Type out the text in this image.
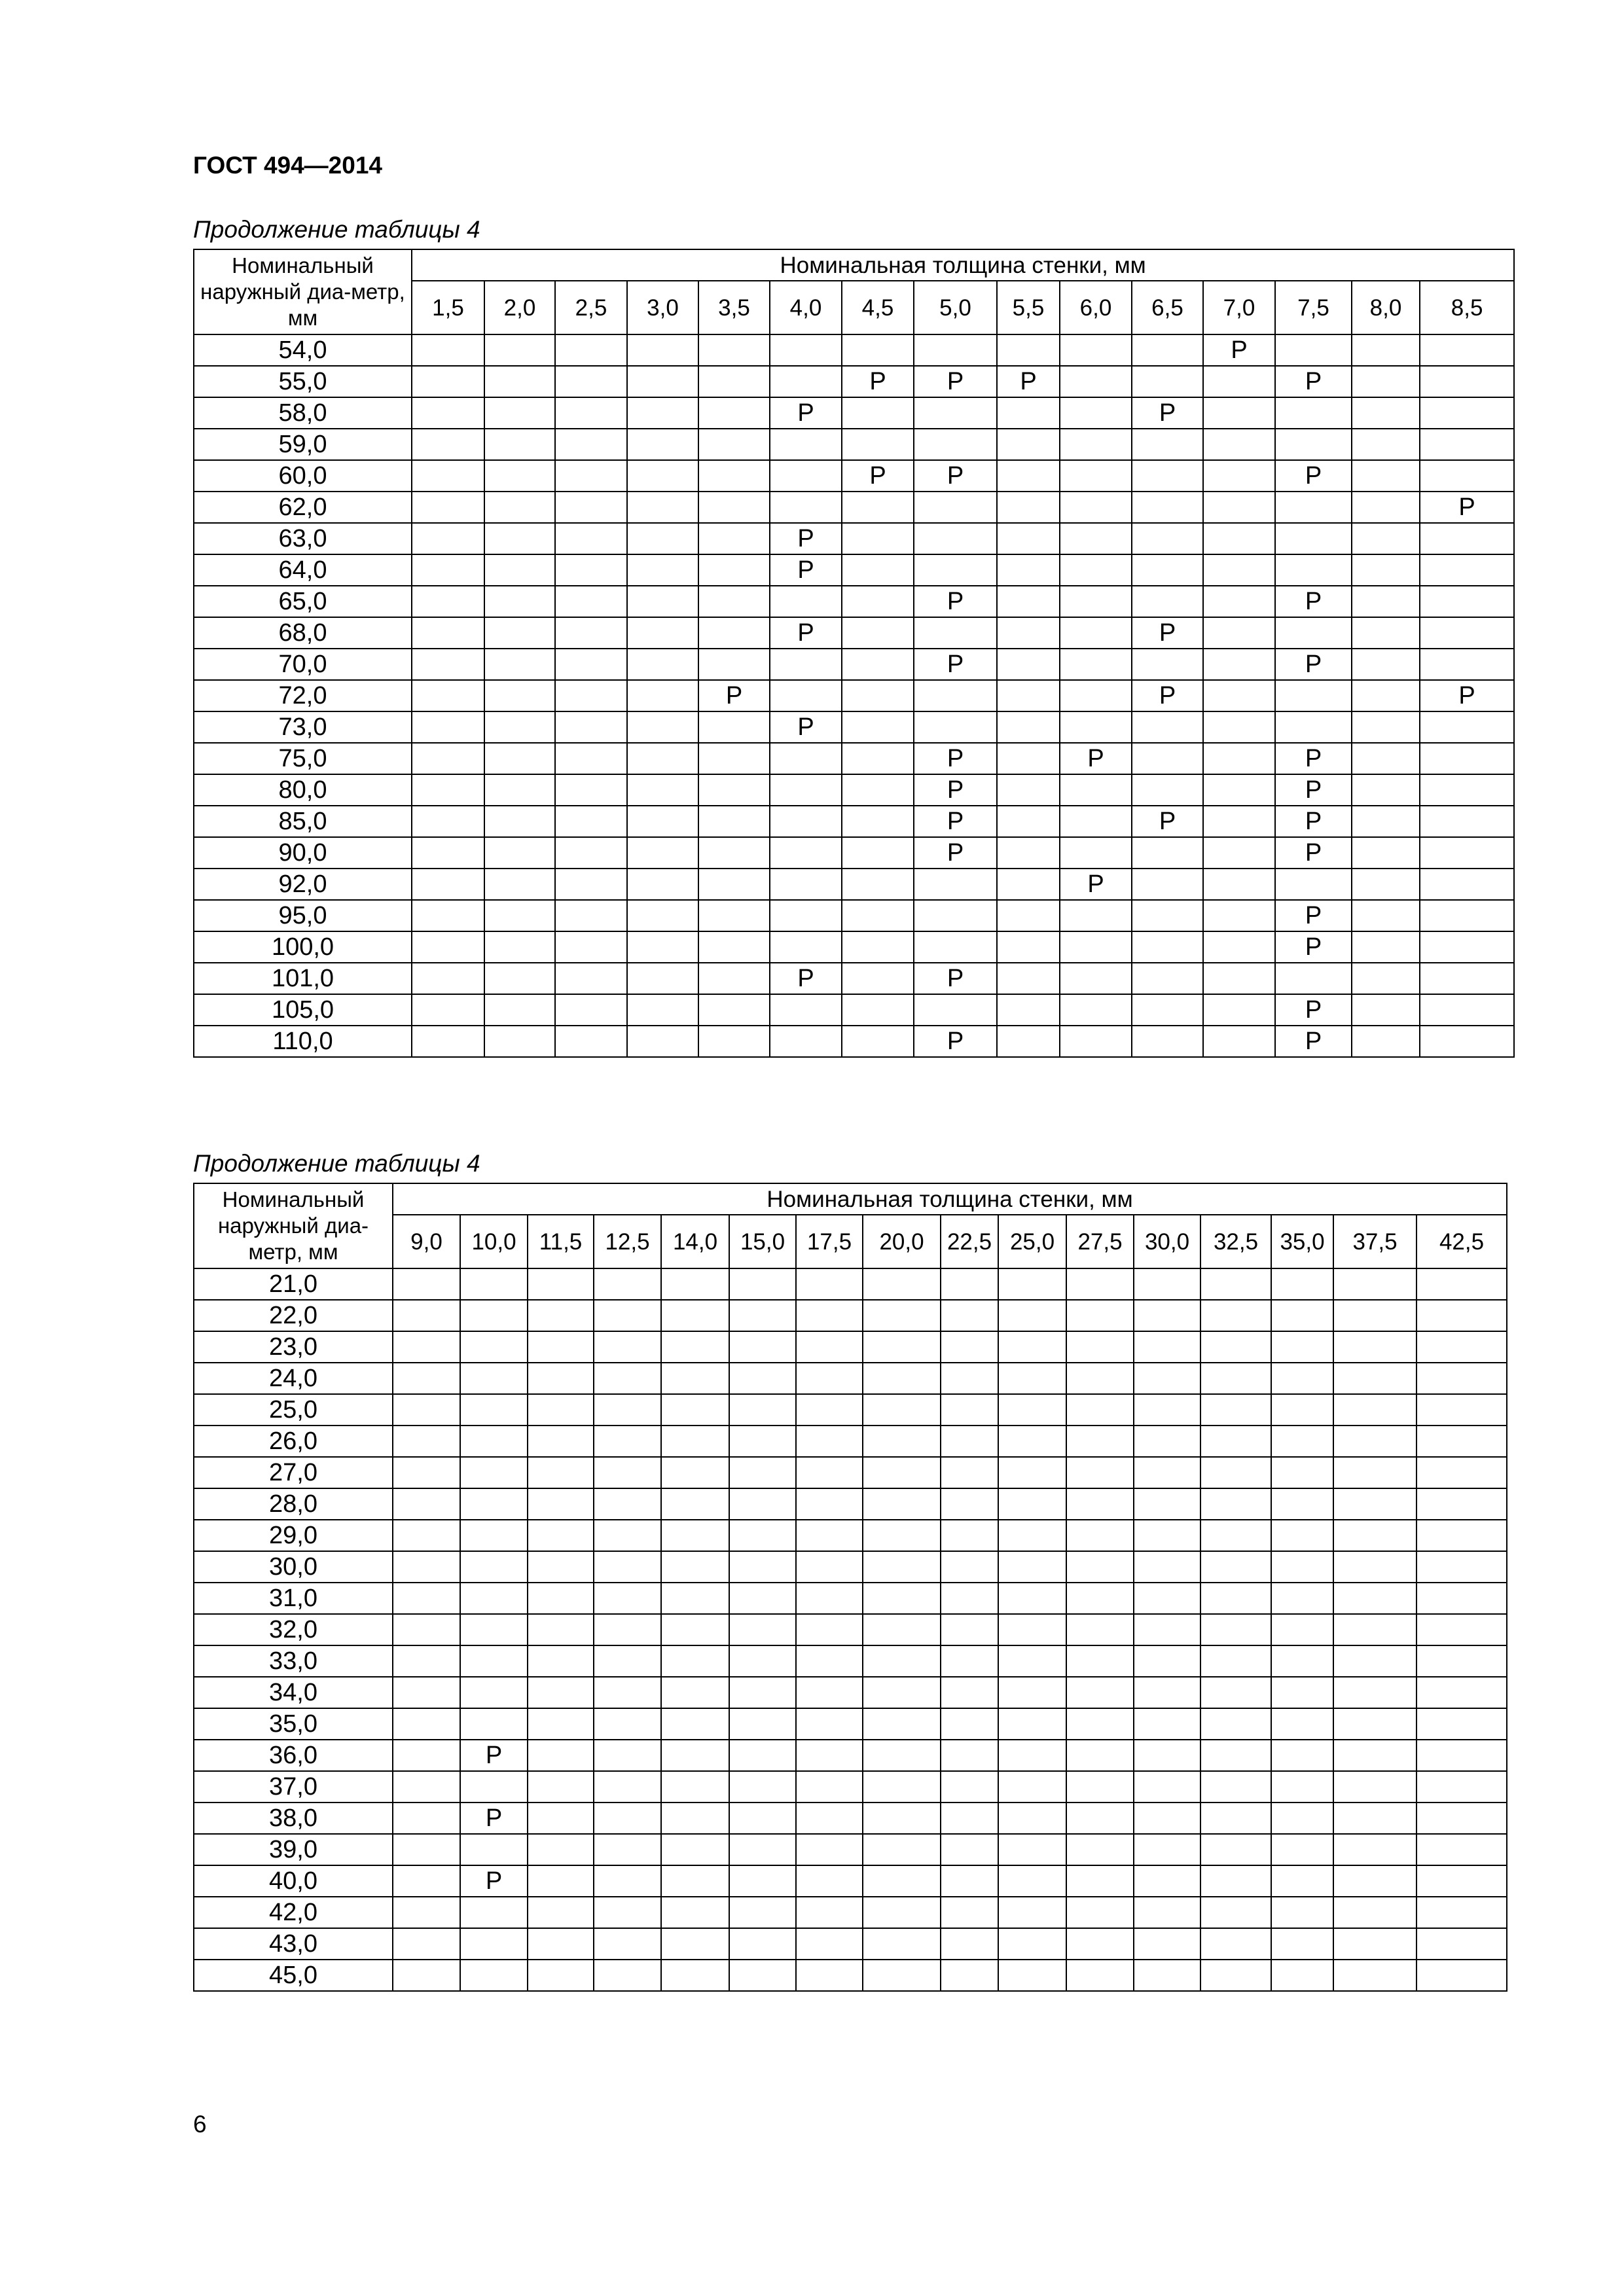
ГОСТ 494—2014
Продолжение таблицы 4
Номинальный наружный диа-метр, мм	Номинальная толщина стенки, мм														
	1,5	2,0	2,5	3,0	3,5	4,0	4,5	5,0	5,5	6,0	6,5	7,0	7,5	8,0	8,5
54,0												Р			
55,0							Р	Р	Р				Р		
58,0						Р					Р				
59,0															
60,0							Р	Р					Р		
62,0															Р
63,0						Р									
64,0						Р									
65,0								Р					Р		
68,0						Р					Р				
70,0								Р					Р		
72,0					Р						Р				Р
73,0						Р									
75,0								Р		Р			Р		
80,0								Р					Р		
85,0								Р			Р		Р		
90,0								Р					Р		
92,0										Р					
95,0													Р		
100,0													Р		
101,0						Р		Р							
105,0													Р		
110,0								Р					Р		
Продолжение таблицы 4
Номинальный наружный диа-метр, мм	Номинальная толщина стенки, мм															
	9,0	10,0	11,5	12,5	14,0	15,0	17,5	20,0	22,5	25,0	27,5	30,0	32,5	35,0	37,5	42,5
21,0																
22,0																
23,0																
24,0																
25,0																
26,0																
27,0																
28,0																
29,0																
30,0																
31,0																
32,0																
33,0																
34,0																
35,0																
36,0		Р														
37,0																
38,0		Р														
39,0																
40,0		Р														
42,0																
43,0																
45,0																
6
